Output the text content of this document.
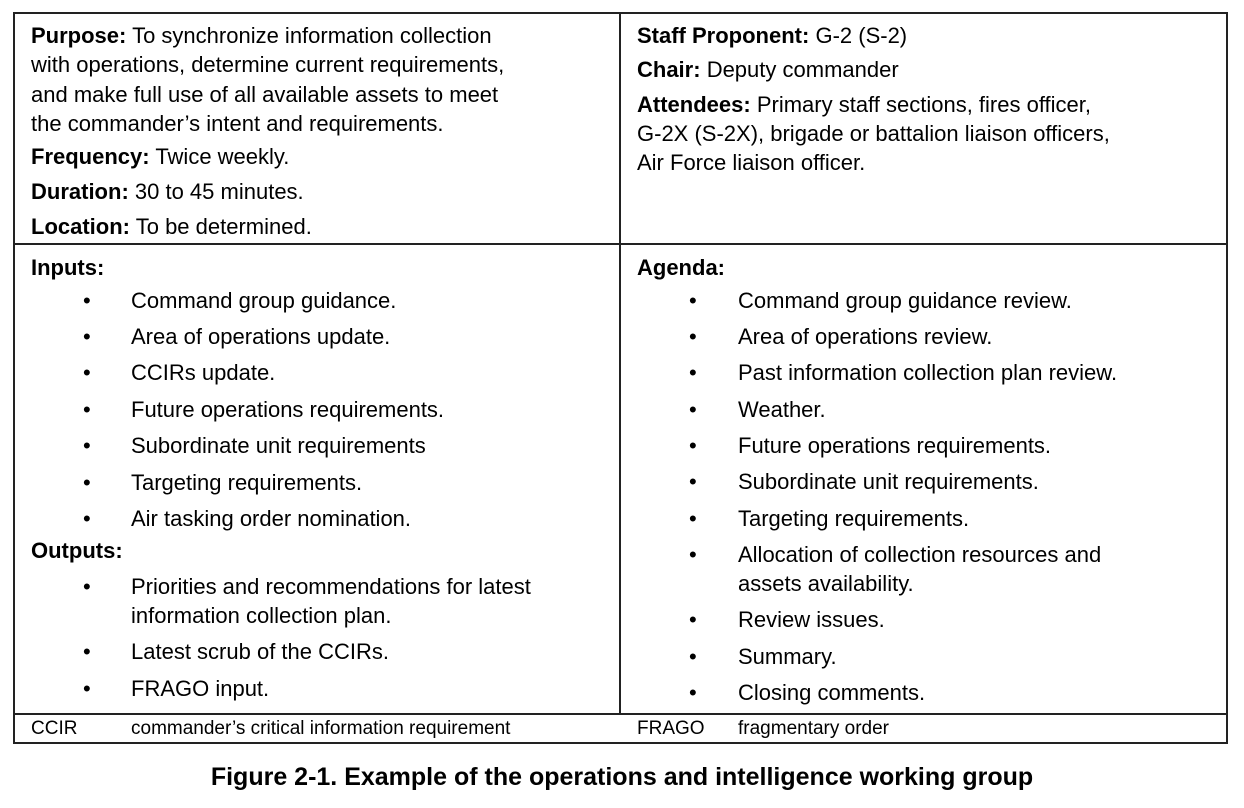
Purpose: To synchronize information collection
with operations, determine current requirements,
and make full use of all available assets to meet
the commander’s intent and requirements.
Frequency: Twice weekly.
Duration: 30 to 45 minutes.
Location: To be determined.
Staff Proponent: G-2 (S-2)
Chair: Deputy commander
Attendees: Primary staff sections, fires officer,
G-2X (S-2X), brigade or battalion liaison officers,
Air Force liaison officer.
Inputs:
Outputs:
Agenda:
• Command group guidance.
• Area of operations update.
• CCIRs update.
• Future operations requirements.
• Subordinate unit requirements
• Targeting requirements.
• Air tasking order nomination.
• Priorities and recommendations for latest
information collection plan.
• Latest scrub of the CCIRs.
• FRAGO input.
• Command group guidance review.
• Area of operations review.
• Past information collection plan review.
• Weather.
• Future operations requirements.
• Subordinate unit requirements.
• Targeting requirements.
• Allocation of collection resources and
assets availability.
• Review issues.
• Summary.
• Closing comments.
CCIR	commander’s critical information requirement	FRAGO fragmentary order
Figure 2-1. Example of the operations and intelligence working group
